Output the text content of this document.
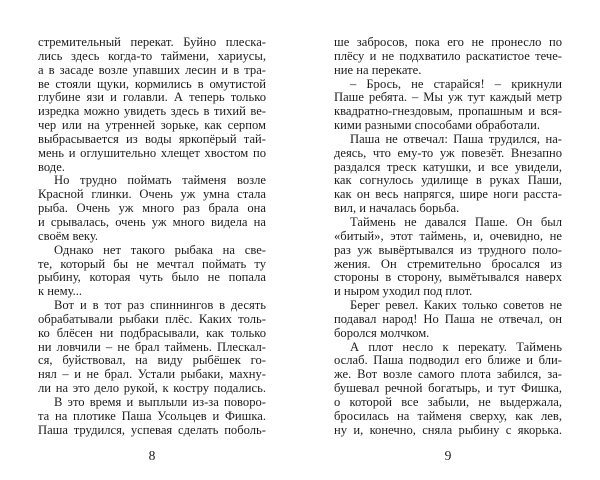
стремительный перекат. Буйно плеска-
лись здесь когда-то таймени, хариусы,
а в засаде возле упавших лесин и в тра-
ве стояли щуки, кормились в омутистой
глубине язи и голавли. А теперь только
изредка можно увидеть здесь в тихий ве-
чер или на утренней зорьке, как серпом
выбрасывается из воды яркопёрый тай-
мень и оглушительно хлещет хвостом по
воде.
Но трудно поймать тайменя возле
Красной глинки. Очень уж умна стала
рыба. Очень уж много раз брала она
и срывалась, очень уж много видела на
своём веку.
Однако нет такого рыбака на све-
те, который бы не мечтал поймать ту
рыбину, которая чуть было не попала
к нему...
Вот и в тот раз спиннингов в десять
обрабатывали рыбаки плёс. Каких толь-
ко блёсен ни подбрасывали, как только
ни ловчили – не брал таймень. Плескал-
ся, буйствовал, на виду рыбёшек го-
нял – и не брал. Устали рыбаки, махну-
ли на это дело рукой, к костру подались.
В это время и выплыли из-за поворо-
та на плотике Паша Усольцев и Фишка.
Паша трудился, успевая сделать поболь-
8
ше забросов, пока его не пронесло по
плёсу и не подхватило раскатистое тече-
ние на перекате.
– Брось, не старайся! – крикнули
Паше ребята. – Мы уж тут каждый метр
квадратно-гнездовым, пропашным и вся-
кими разными способами обработали.
Паша не отвечал: Паша трудился, на-
деясь, что ему-то уж повезёт. Внезапно
раздался треск катушки, и все увидели,
как согнулось удилище в руках Паши,
как он весь напрягся, шире ноги расста-
вил, и началась борьба.
Таймень не давался Паше. Он был
«битый», этот таймень, и, очевидно, не
раз уж вывёртывался из трудного поло-
жения. Он стремительно бросался из
стороны в сторону, вымётывался наверх
и ныром уходил под плот.
Берег ревел. Каких только советов не
подавал народ! Но Паша не отвечал, он
боролся молчком.
А плот несло к перекату. Таймень
ослаб. Паша подводил его ближе и бли-
же. Вот возле самого плота забился, за-
бушевал речной богатырь, и тут Фишка,
о которой все забыли, не выдержала,
бросилась на тайменя сверху, как лев,
ну и, конечно, сняла рыбину с якорька.
9
